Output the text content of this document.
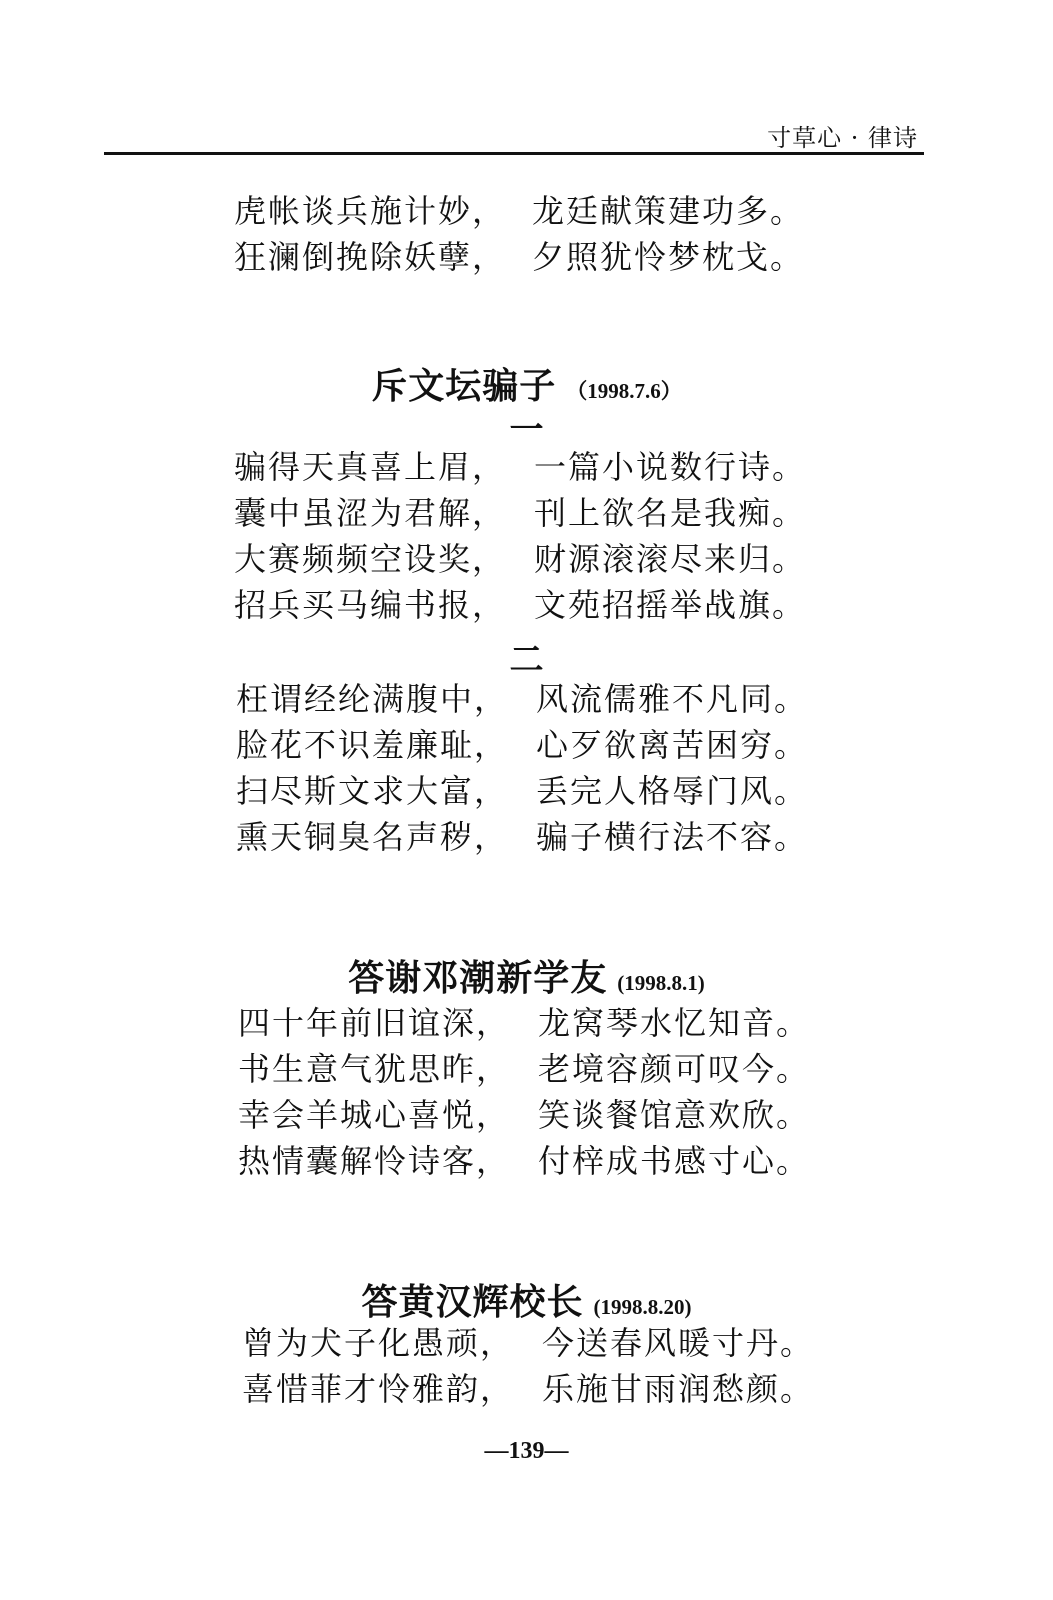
寸草心 · 律诗
虎帐谈兵施计妙， 龙廷献策建功多。
狂澜倒挽除妖孽， 夕照犹怜梦枕戈。
斥文坛骗子 （1998.7.6）
一
骗得天真喜上眉， 一篇小说数行诗。
囊中虽涩为君解， 刊上欲名是我痴。
大赛频频空设奖， 财源滚滚尽来归。
招兵买马编书报， 文苑招摇举战旗。
二
枉谓经纶满腹中， 风流儒雅不凡同。
脸花不识羞廉耻， 心歹欲离苦困穷。
扫尽斯文求大富， 丢完人格辱门风。
熏天铜臭名声秽， 骗子横行法不容。
答谢邓潮新学友 (1998.8.1)
四十年前旧谊深， 龙窝琴水忆知音。
书生意气犹思昨， 老境容颜可叹今。
幸会羊城心喜悦， 笑谈餐馆意欢欣。
热情囊解怜诗客， 付梓成书感寸心。
答黄汉辉校长 (1998.8.20)
曾为犬子化愚顽， 今送春风暖寸丹。
喜惜菲才怜雅韵， 乐施甘雨润愁颜。
—139—
